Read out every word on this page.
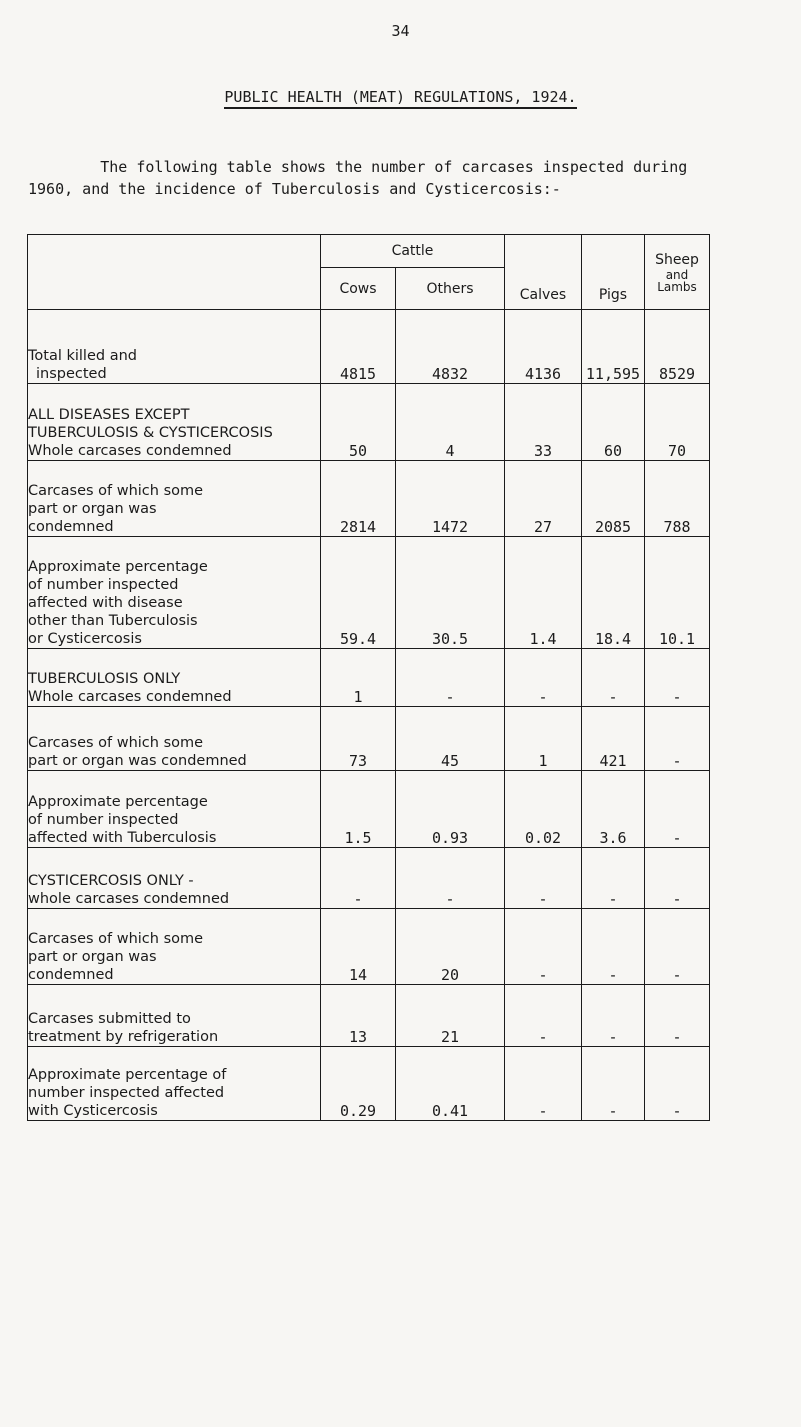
34
PUBLIC HEALTH (MEAT) REGULATIONS, 1924.
The following table shows the number of carcases inspected during
1960, and the incidence of Tuberculosis and Cysticercosis:-
	Cattle		Calves	Pigs	Sheep
and
Lambs

	Cows	Others			

Total killed and
inspected	4815	4832	4136	11,595	8529

ALL DISEASES EXCEPT
TUBERCULOSIS & CYSTICERCOSIS
Whole carcases condemned	50	4	33	60	70

Carcases of which some
part or organ was
condemned	2814	1472	27	2085	788

Approximate percentage
of number inspected
affected with disease
other than Tuberculosis
or Cysticercosis	59.4	30.5	1.4	18.4	10.1

TUBERCULOSIS ONLY
Whole carcases condemned	1	-	-	-	-

Carcases of which some
part or organ was condemned	73	45	1	421	-

Approximate percentage
of number inspected
affected with Tuberculosis	1.5	0.93	0.02	3.6	-

CYSTICERCOSIS ONLY -
whole carcases condemned	-	-	-	-	-

Carcases of which some
part or organ was
condemned	14	20	-	-	-

Carcases submitted to
treatment by refrigeration	13	21	-	-	-

Approximate percentage of
number inspected affected
with Cysticercosis	0.29	0.41	-	-	-
